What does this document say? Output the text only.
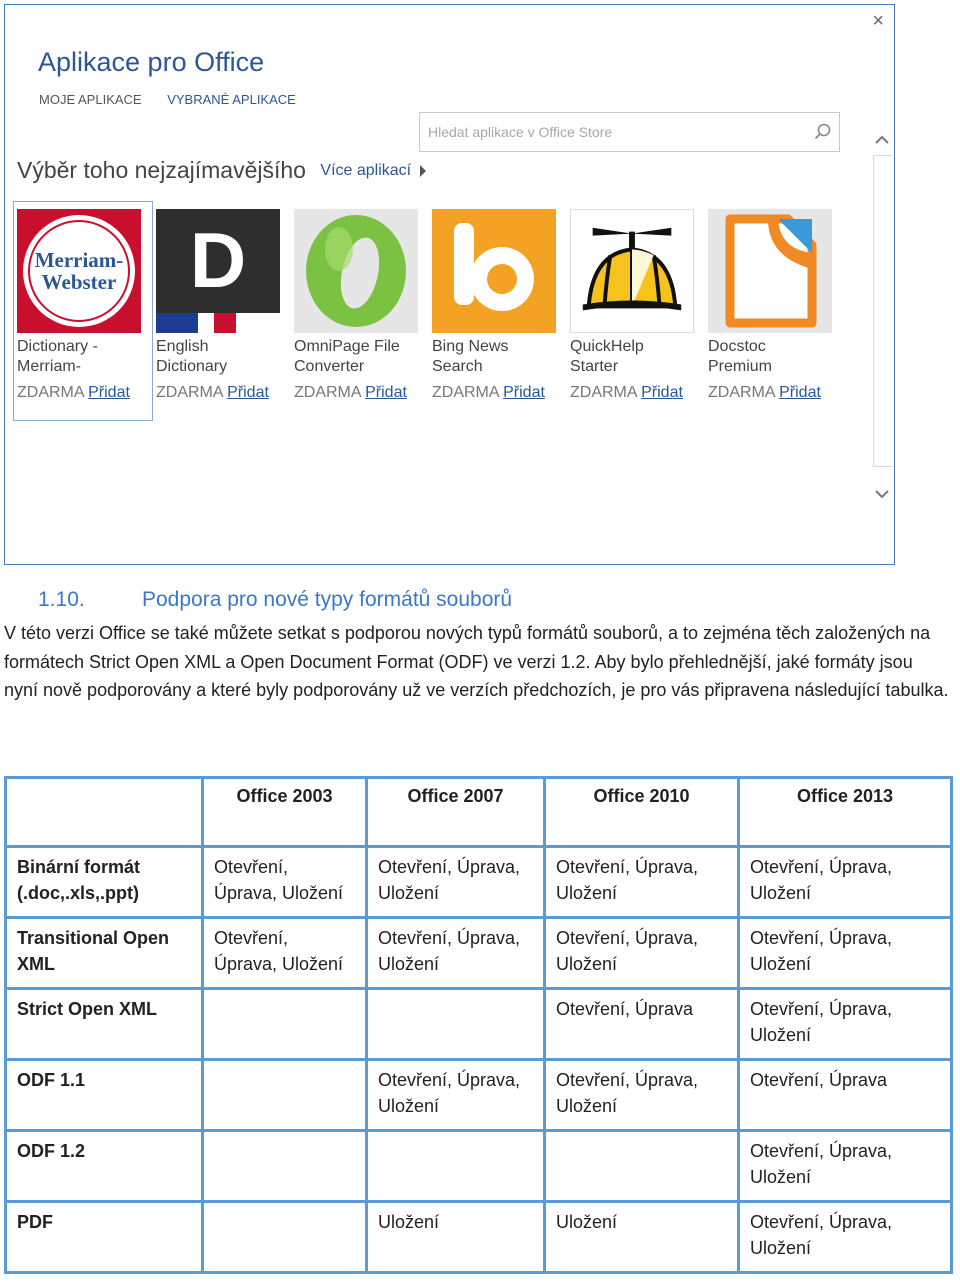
×
Aplikace pro Office
MOJE APLIKACE VYBRANÉ APLIKACE
Hledat aplikace v Office Store
Výběr toho nejzajímavějšího Více aplikací
Merriam-Webster
Dictionary - Merriam-
ZDARMA Přidat
D
English Dictionary
ZDARMA Přidat
OmniPage File Converter
ZDARMA Přidat
Bing News Search
ZDARMA Přidat
QuickHelp Starter
ZDARMA Přidat
Docstoc Premium
ZDARMA Přidat
1.10.	Podpora pro nové typy formátů souborů
V této verzi Office se také můžete setkat s podporou nových typů formátů souborů, a to zejména těch založených na formátech Strict Open XML a Open Document Format (ODF) ve verzi 1.2. Aby bylo přehlednější, jaké formáty jsou nyní nově podporovány a které byly podporovány už ve verzích předchozích, je pro vás připravena následující tabulka.
	Office 2003	Office 2007	Office 2010	Office 2013
Binární formát (.doc,.xls,.ppt)	Otevření, Úprava, Uložení	Otevření, Úprava, Uložení	Otevření, Úprava, Uložení	Otevření, Úprava, Uložení
Transitional Open XML	Otevření, Úprava, Uložení	Otevření, Úprava, Uložení	Otevření, Úprava, Uložení	Otevření, Úprava, Uložení
Strict Open XML			Otevření, Úprava	Otevření, Úprava, Uložení
ODF 1.1		Otevření, Úprava, Uložení	Otevření, Úprava, Uložení	Otevření, Úprava
ODF 1.2				Otevření, Úprava, Uložení
PDF		Uložení	Uložení	Otevření, Úprava, Uložení
